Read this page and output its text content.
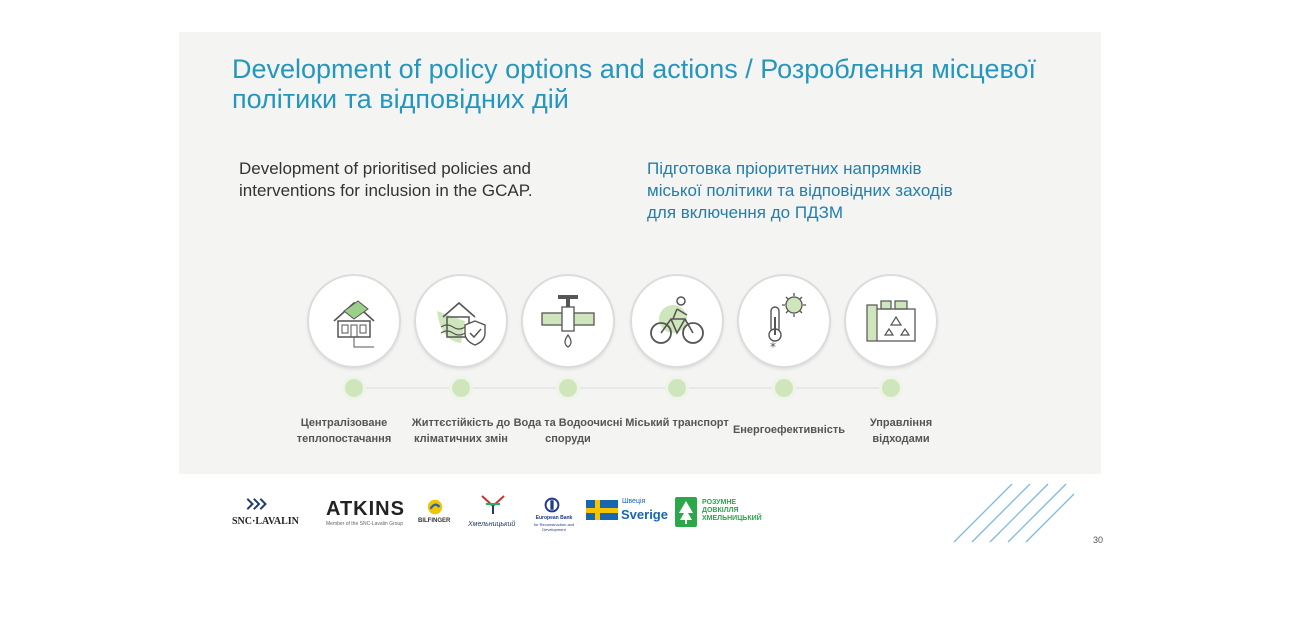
Development of policy options and actions / Розроблення місцевої політики та відповідних дій
Development of prioritised policies and interventions for inclusion in the GCAP.
Підготовка пріоритетних напрямків міської політики та відповідних заходів для включення до ПДЗМ
*
Централізоване теплопостачання
Життєстійкість до кліматичних змін
Вода та Водоочисні споруди
Міський транспорт
Енергоефективність
Управління відходами
SNC·LAVALIN
ATKINS
Member of the SNC-Lavalin Group	BILFINGER	Хмельницький
European Bank
for Reconstruction and Development
Швеція
Sverige
РОЗУМНЕ
ДОВКІЛЛЯ
ХМЕЛЬНИЦЬКИЙ
30
